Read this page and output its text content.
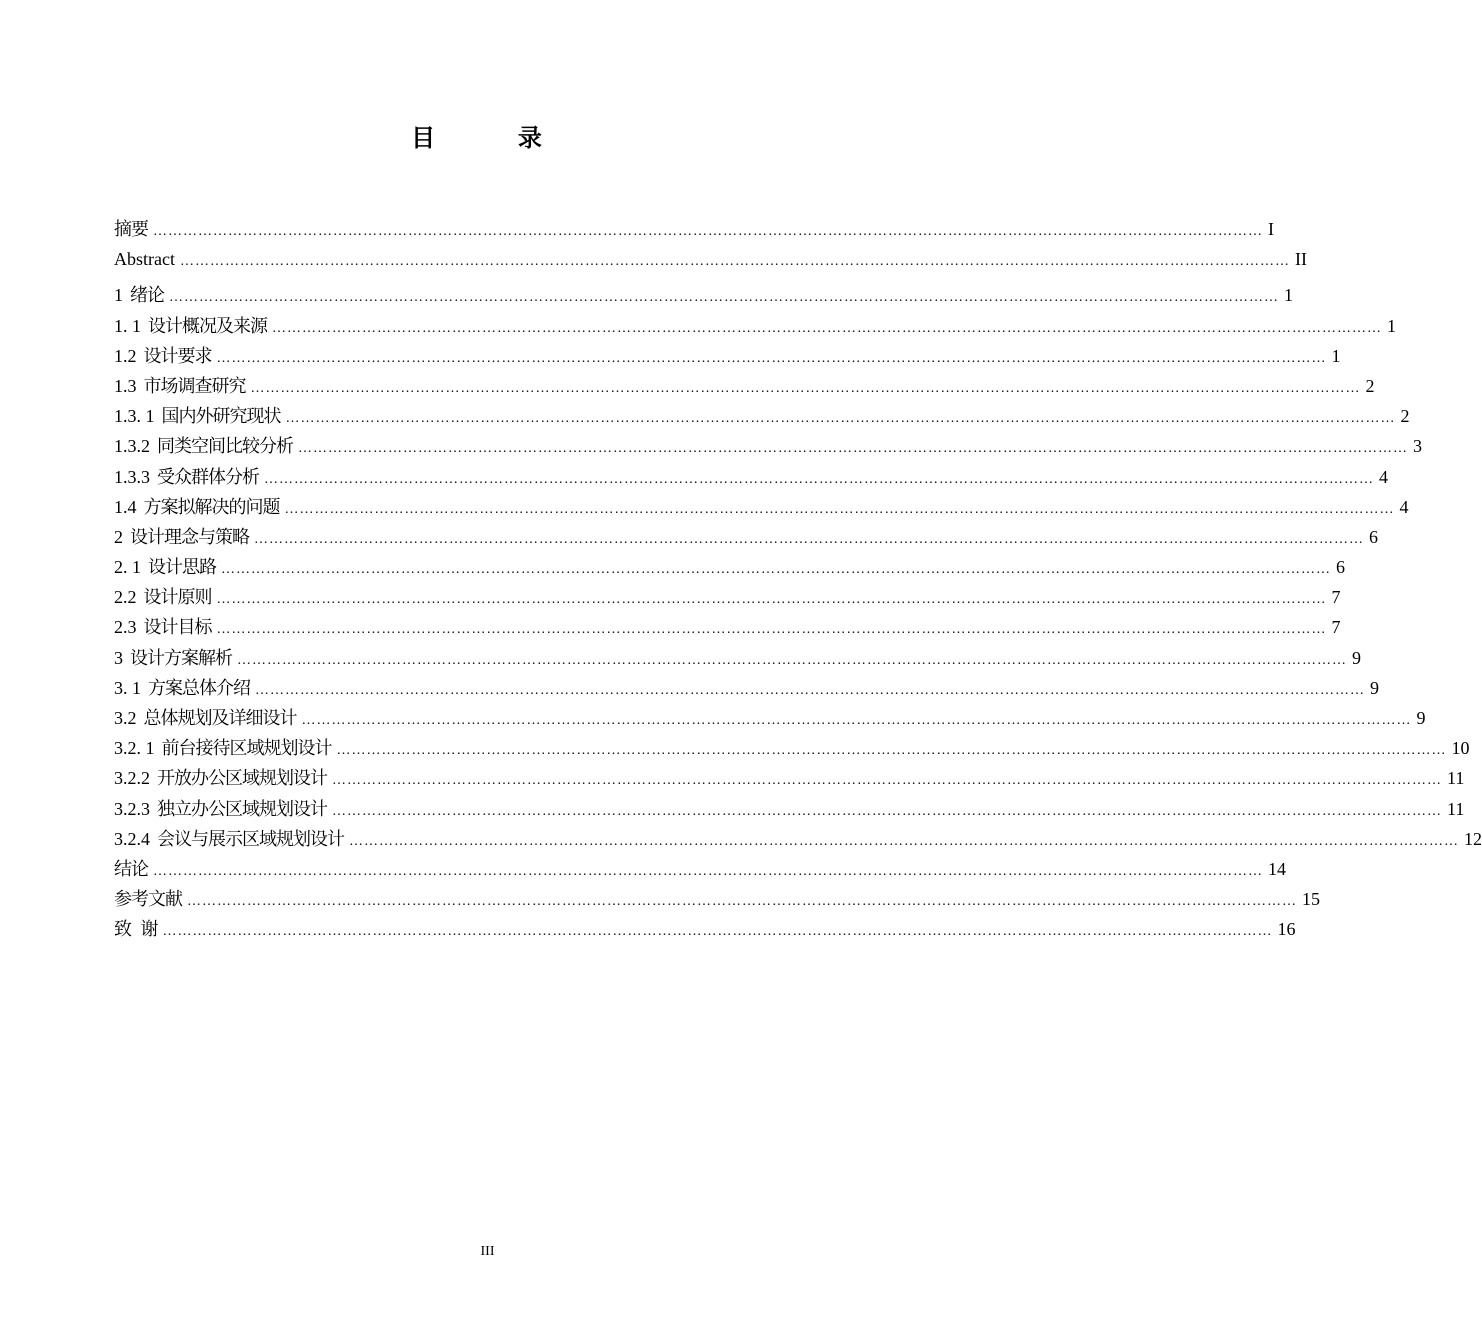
目  录
摘要 …………………………………………………………………………………………………………………………………………………………………………………………………… I
Abstract …………………………………………………………………………………………………………………………………………………………………………………………………… II
1 绪论 …………………………………………………………………………………………………………………………………………………………………………………………………… 1
1. 1 设计概况及来源 …………………………………………………………………………………………………………………………………………………………………………………………………… 1
1.2 设计要求 …………………………………………………………………………………………………………………………………………………………………………………………………… 1
1.3 市场调查研究 …………………………………………………………………………………………………………………………………………………………………………………………………… 2
1.3. 1 国内外研究现状 …………………………………………………………………………………………………………………………………………………………………………………………………… 2
1.3.2 同类空间比较分析 …………………………………………………………………………………………………………………………………………………………………………………………………… 3
1.3.3 受众群体分析 …………………………………………………………………………………………………………………………………………………………………………………………………… 4
1.4 方案拟解决的问题 …………………………………………………………………………………………………………………………………………………………………………………………………… 4
2 设计理念与策略 …………………………………………………………………………………………………………………………………………………………………………………………………… 6
2. 1 设计思路 …………………………………………………………………………………………………………………………………………………………………………………………………… 6
2.2 设计原则 …………………………………………………………………………………………………………………………………………………………………………………………………… 7
2.3 设计目标 …………………………………………………………………………………………………………………………………………………………………………………………………… 7
3 设计方案解析 …………………………………………………………………………………………………………………………………………………………………………………………………… 9
3. 1 方案总体介绍 …………………………………………………………………………………………………………………………………………………………………………………………………… 9
3.2 总体规划及详细设计 …………………………………………………………………………………………………………………………………………………………………………………………………… 9
3.2. 1 前台接待区域规划设计 …………………………………………………………………………………………………………………………………………………………………………………………………… 10
3.2.2 开放办公区域规划设计 …………………………………………………………………………………………………………………………………………………………………………………………………… 11
3.2.3 独立办公区域规划设计 …………………………………………………………………………………………………………………………………………………………………………………………………… 11
3.2.4 会议与展示区域规划设计 …………………………………………………………………………………………………………………………………………………………………………………………………… 12
结论 …………………………………………………………………………………………………………………………………………………………………………………………………… 14
参考文献 …………………………………………………………………………………………………………………………………………………………………………………………………… 15
致  谢 …………………………………………………………………………………………………………………………………………………………………………………………………… 16
III
